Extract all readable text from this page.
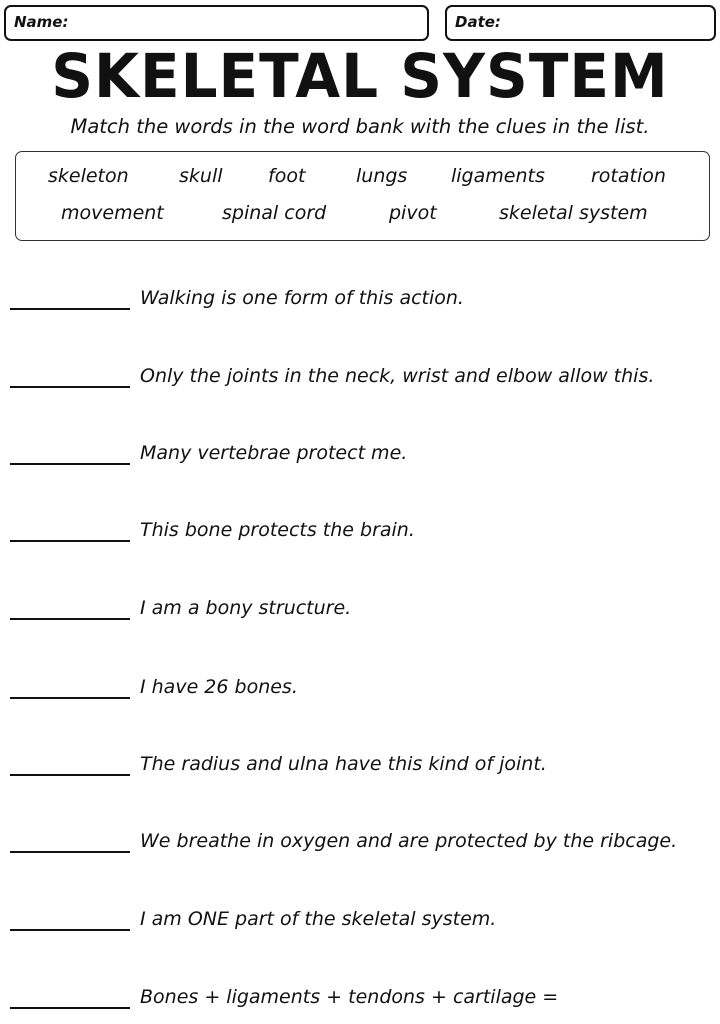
Name:	Date:
SKELETAL SYSTEM

Match the words in the word bank with the clues in the list.

skeleton	skull foot	lungs ligaments rotation
movement	spinal cord	pivot	skeletal system
Walking is one form of this action.
Only the joints in the neck, wrist and elbow allow this.
Many vertebrae protect me.
This bone protects the brain.
I am a bony structure.
I have 26 bones.
The radius and ulna have this kind of joint.
We breathe in oxygen and are protected by the ribcage.
I am ONE part of the skeletal system.
Bones + ligaments + tendons + cartilage =
